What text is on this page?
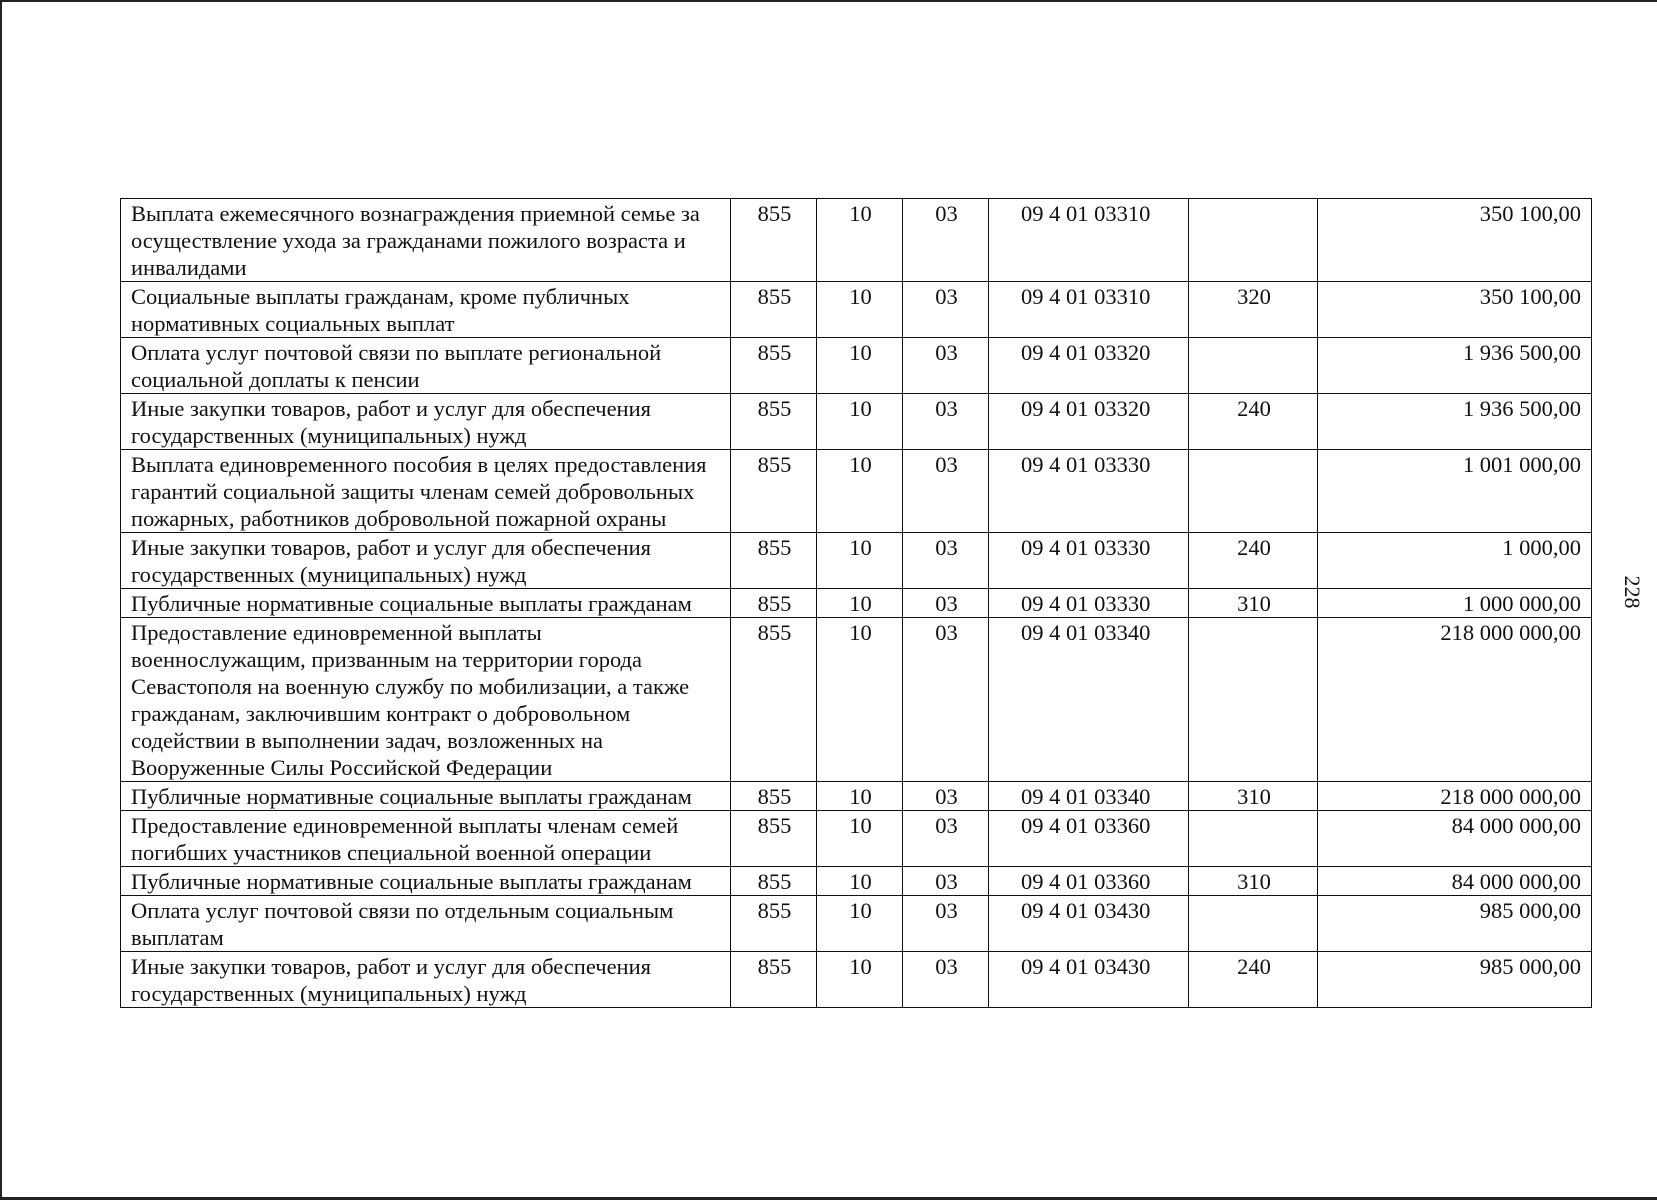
Выплата ежемесячного вознаграждения приемной семье за осуществление ухода за гражданами пожилого возраста и инвалидами	855	10	03	09 4 01 03310		350 100,00
Социальные выплаты гражданам, кроме публичных нормативных социальных выплат	855	10	03	09 4 01 03310	320	350 100,00
Оплата услуг почтовой связи по выплате региональной социальной доплаты к пенсии	855	10	03	09 4 01 03320		1 936 500,00
Иные закупки товаров, работ и услуг для обеспечения государственных (муниципальных) нужд	855	10	03	09 4 01 03320	240	1 936 500,00
Выплата единовременного пособия в целях предоставления гарантий социальной защиты членам семей добровольных пожарных, работников добровольной пожарной охраны	855	10	03	09 4 01 03330		1 001 000,00
Иные закупки товаров, работ и услуг для обеспечения государственных (муниципальных) нужд	855	10	03	09 4 01 03330	240	1 000,00
Публичные нормативные социальные выплаты гражданам	855	10	03	09 4 01 03330	310	1 000 000,00
Предоставление единовременной выплаты военнослужащим, призванным на территории города Севастополя на военную службу по мобилизации, а также гражданам, заключившим контракт о добровольном содействии в выполнении задач, возложенных на Вооруженные Силы Российской Федерации	855	10	03	09 4 01 03340		218 000 000,00
Публичные нормативные социальные выплаты гражданам	855	10	03	09 4 01 03340	310	218 000 000,00
Предоставление единовременной выплаты членам семей погибших участников специальной военной операции	855	10	03	09 4 01 03360		84 000 000,00
Публичные нормативные социальные выплаты гражданам	855	10	03	09 4 01 03360	310	84 000 000,00
Оплата услуг почтовой связи по отдельным социальным выплатам	855	10	03	09 4 01 03430		985 000,00
Иные закупки товаров, работ и услуг для обеспечения государственных (муниципальных) нужд	855	10	03	09 4 01 03430	240	985 000,00
228
